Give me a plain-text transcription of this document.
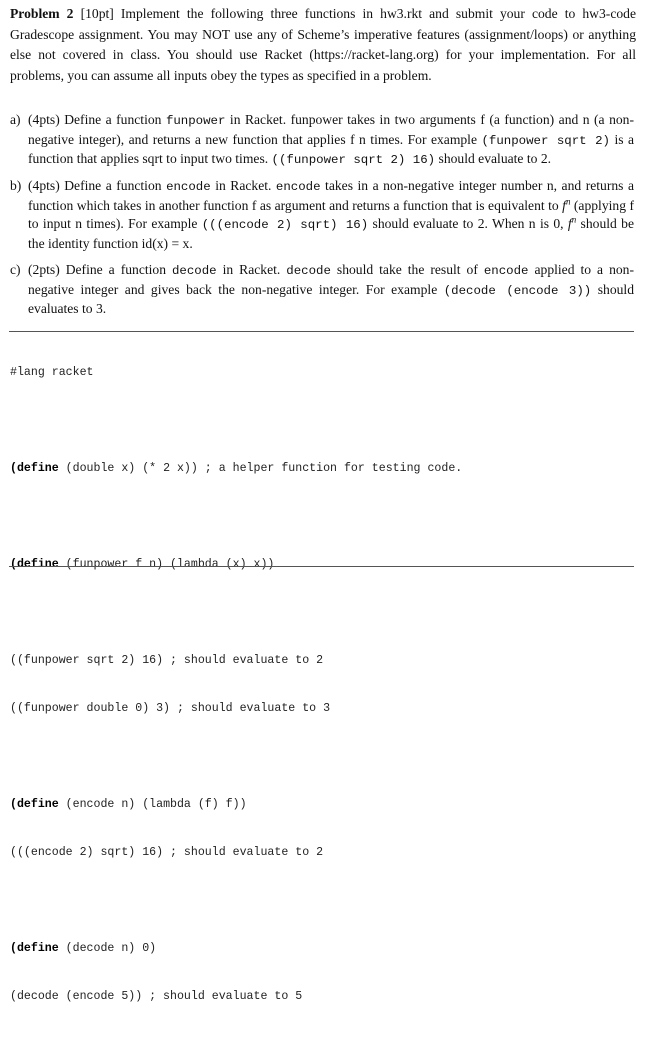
Problem 2 [10pt] Implement the following three functions in hw3.rkt and submit your code to hw3-code Gradescope assignment. You may NOT use any of Scheme’s imperative features (assignment/loops) or anything else not covered in class. You should use Racket (https://racket-lang.org) for your implementation. For all problems, you can assume all inputs obey the types as specified in a problem.
a) (4pts) Define a function funpower in Racket. funpower takes in two arguments f (a function) and n (a non-negative integer), and returns a new function that applies f n times. For example (funpower sqrt 2) is a function that applies sqrt to input two times. ((funpower sqrt 2) 16) should evaluate to 2.
b) (4pts) Define a function encode in Racket. encode takes in a non-negative integer number n, and returns a function which takes in another function f as argument and returns a function that is equivalent to $f^n$ (applying f to input n times). For example (((encode 2) sqrt) 16) should evaluate to 2. When n is 0, $f^n$ should be the identity function id(x) = x.
c) (2pts) Define a function decode in Racket. decode should take the result of encode applied to a non-negative integer and gives back the non-negative integer. For example (decode (encode 3)) should evaluates to 3.

#lang racket

(define (double x) (* 2 x)) ; a helper function for testing code.

(define (funpower f n) (lambda (x) x))

((funpower sqrt 2) 16) ; should evaluate to 2

((funpower double 0) 3) ; should evaluate to 3

(define (encode n) (lambda (f) f))

(((encode 2) sqrt) 16) ; should evaluate to 2

(define (decode n) 0)

(decode (encode 5)) ; should evaluate to 5
